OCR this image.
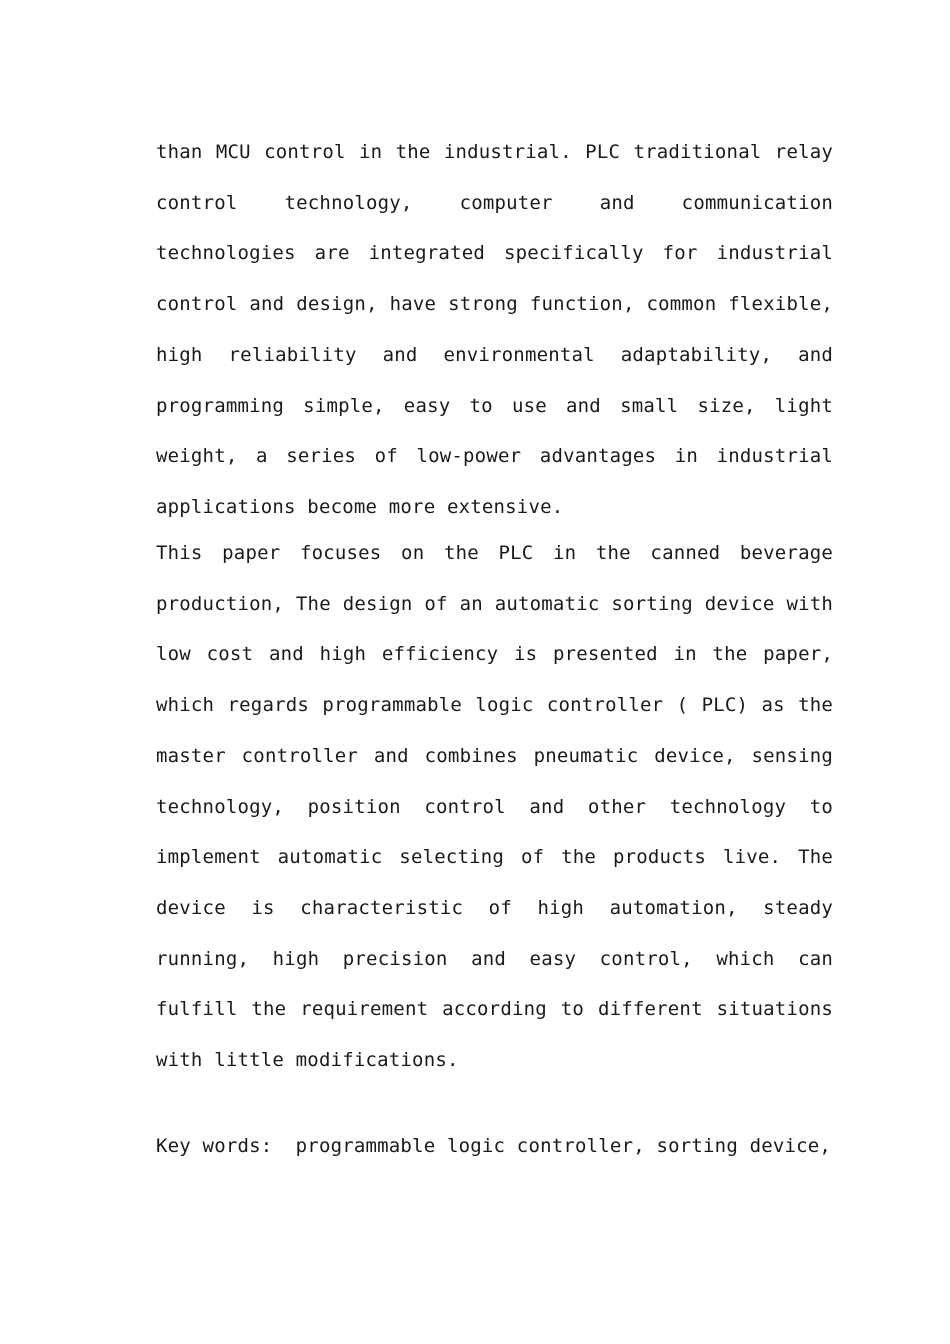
than MCU control in the industrial. PLC traditional relay control technology, computer and communication technologies are integrated specifically for industrial control and design, have strong function, common flexible, high reliability and environmental adaptability, and programming simple, easy to use and small size, light weight, a series of low-power advantages in industrial applications become more extensive.

This paper focuses on the PLC in the canned beverage production, The design of an automatic sorting device with low cost and high efficiency is presented in the paper, which regards programmable logic controller ( PLC) as the master controller and combines pneumatic device, sensing technology, position control and other technology to implement automatic selecting of the products live. The device is characteristic of high automation, steady running, high precision and easy control, which can fulfill the requirement according to different situations with little modifications.

Key words: programmable logic controller, sorting device,
